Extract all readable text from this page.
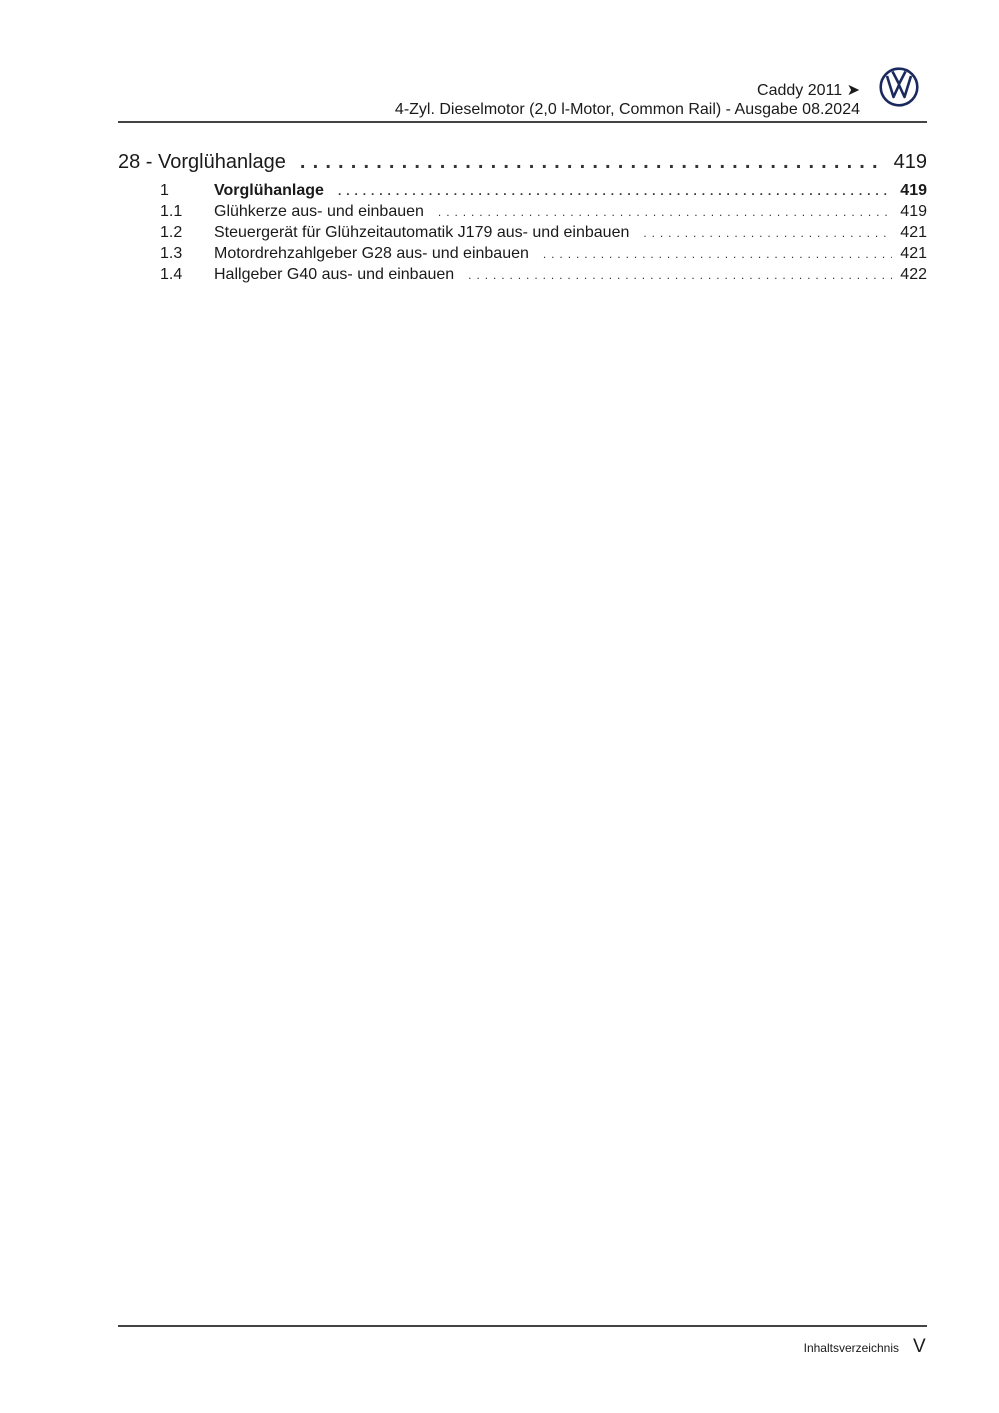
Caddy 2011 ➤
4-Zyl. Dieselmotor (2,0 l-Motor, Common Rail) - Ausgabe 08.2024
28 - Vorglühanlage . . .	419
1	Vorglühanlage . . .	419
1.1	Glühkerze aus- und einbauen . . .	419
1.2	Steuergerät für Glühzeitautomatik J179 aus- und einbauen . . .	421
1.3	Motordrehzahlgeber G28 aus- und einbauen . . .	421
1.4	Hallgeber G40 aus- und einbauen . . .	422
Inhaltsverzeichnis V
